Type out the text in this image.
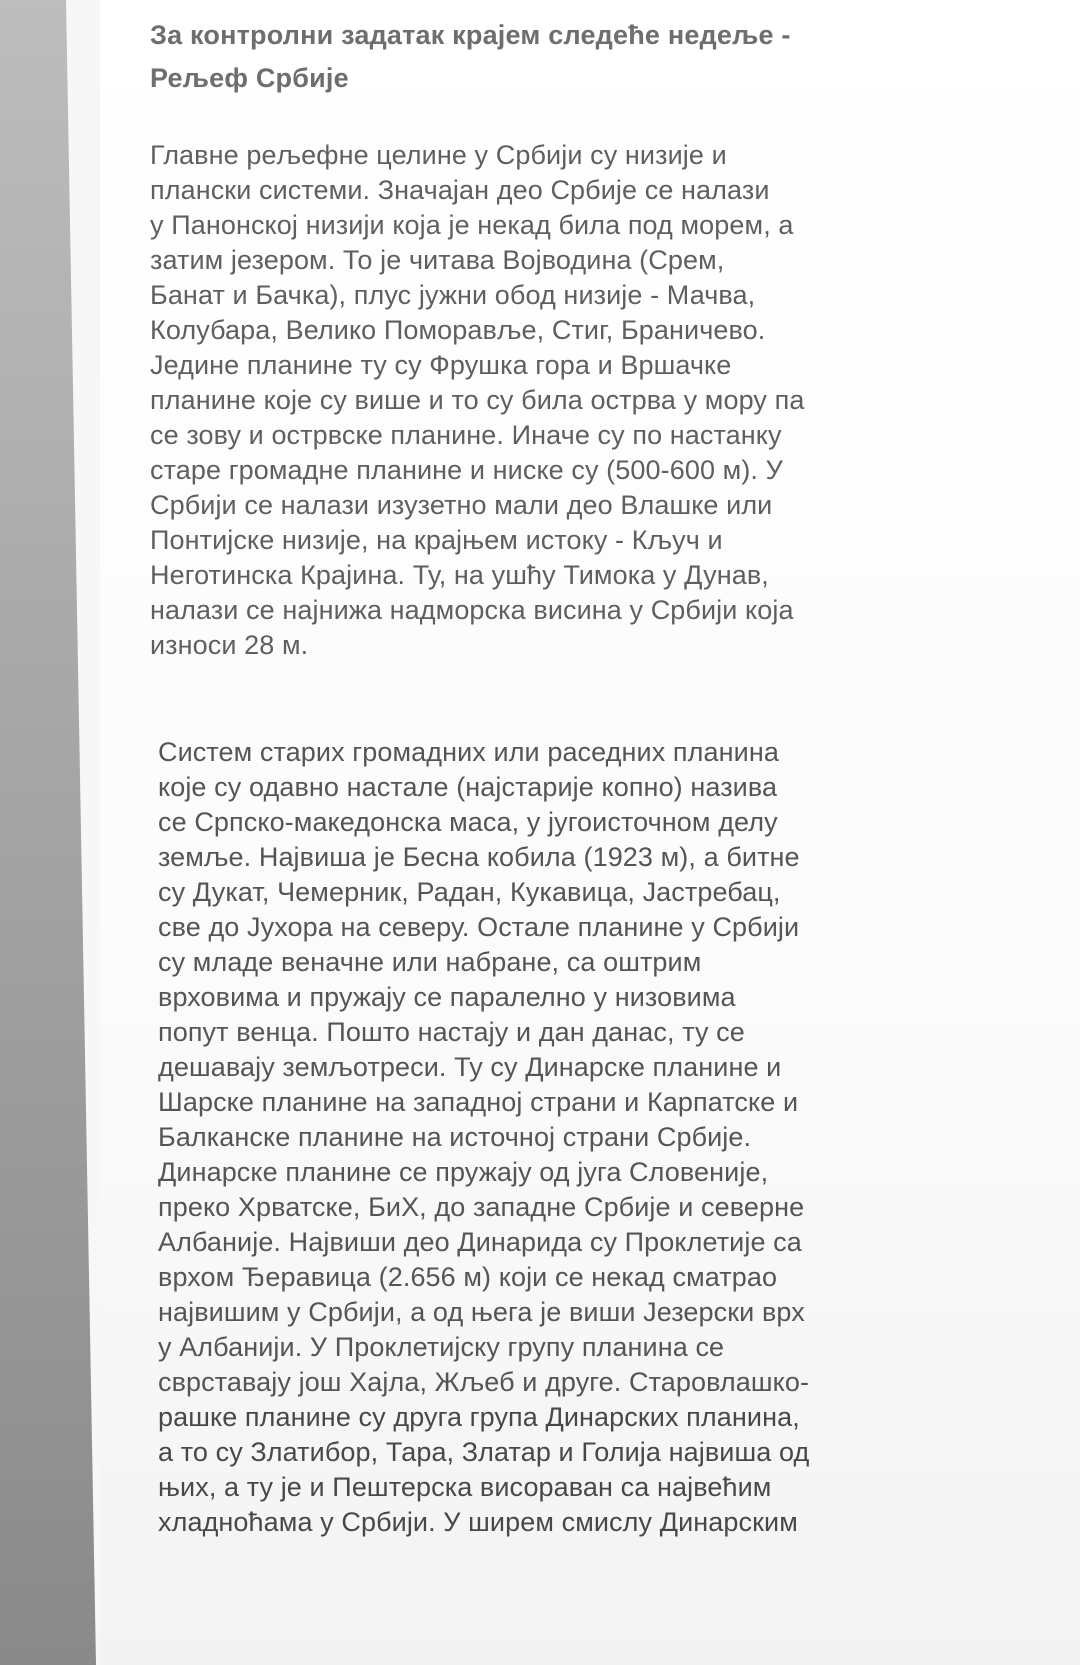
За контролни задатак крајем следеће недеље -
Рељеф Србије
Главне рељефне целине у Србији су низије и
плански системи. Значајан део Србије се налази
у Панонској низији која је некад била под морем, а
затим језером. То је читава Војводина (Срем,
Банат и Бачка), плус јужни обод низије - Мачва,
Колубара, Велико Поморавље, Стиг, Браничево.
Једине планине ту су Фрушка гора и Вршачке
планине које су више и то су била острва у мору па
се зову и острвске планине. Иначе су по настанку
старе громадне планине и ниске су (500-600 м). У
Србији се налази изузетно мали део Влашке или
Понтијске низије, на крајњем истоку - Кључ и
Неготинска Крајина. Ту, на ушћу Тимока у Дунав,
налази се најнижа надморска висина у Србији која
износи 28 м.
Систем старих громадних или раседних планина
које су одавно настале (најстарије копно) назива
се Српско-македонска маса, у југоисточном делу
земље. Највиша је Бесна кобила (1923 м), а битне
су Дукат, Чемерник, Радан, Кукавица, Јастребац,
све до Јухора на северу. Остале планине у Србији
су младе веначне или набране, са оштрим
врховима и пружају се паралелно у низовима
попут венца. Пошто настају и дан данас, ту се
дешавају земљотреси. Ту су Динарске планине и
Шарске планине на западној страни и Карпатске и
Балканске планине на источној страни Србије.
Динарске планине се пружају од југа Словеније,
преко Хрватске, БиХ, до западне Србије и северне
Албаније. Највиши део Динарида су Проклетије са
врхом Ђеравица (2.656 м) који се некад сматрао
највишим у Србији, а од њега је виши Језерски врх
у Албанији. У Проклетијску групу планина се
сврставају још Хајла, Жљеб и друге. Старовлашко-
рашке планине су друга група Динарских планина,
а то су Златибор, Тара, Златар и Голија највиша од
њих, а ту је и Пештерска висораван са највећим
хладноћама у Србији. У ширем смислу Динарским
